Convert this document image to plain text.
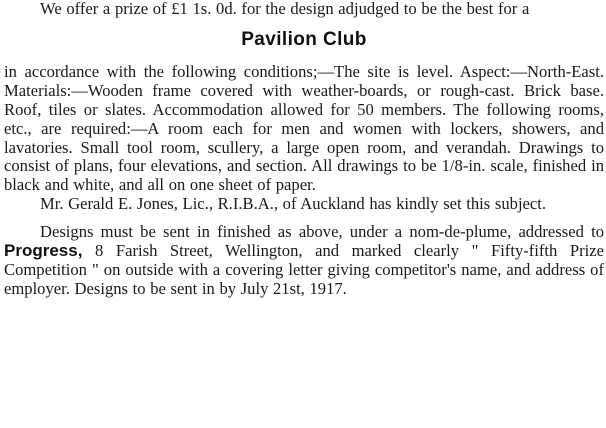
We offer a prize of £1 1s. 0d. for the design adjudged to be the best for a

Pavilion Club

in accordance with the following conditions;—The site is level. Aspect:—North-East. Materials:—Wooden frame covered with weather-boards, or rough-cast. Brick base. Roof, tiles or slates. Accommodation allowed for 50 members. The following rooms, etc., are required:—A room each for men and women with lockers, showers, and lavatories. Small tool room, scullery, a large open room, and verandah. Drawings to consist of plans, four elevations, and section. All drawings to be 1/8-in. scale, finished in black and white, and all on one sheet of paper.

Mr. Gerald E. Jones, Lic., R.I.B.A., of Auckland has kindly set this subject.

Designs must be sent in finished as above, under a nom-de-plume, addressed to Progress, 8 Farish Street, Wellington, and marked clearly " Fifty-fifth Prize Competition " on outside with a covering letter giving competitor's name, and address of employer. Designs to be sent in by July 21st, 1917.
